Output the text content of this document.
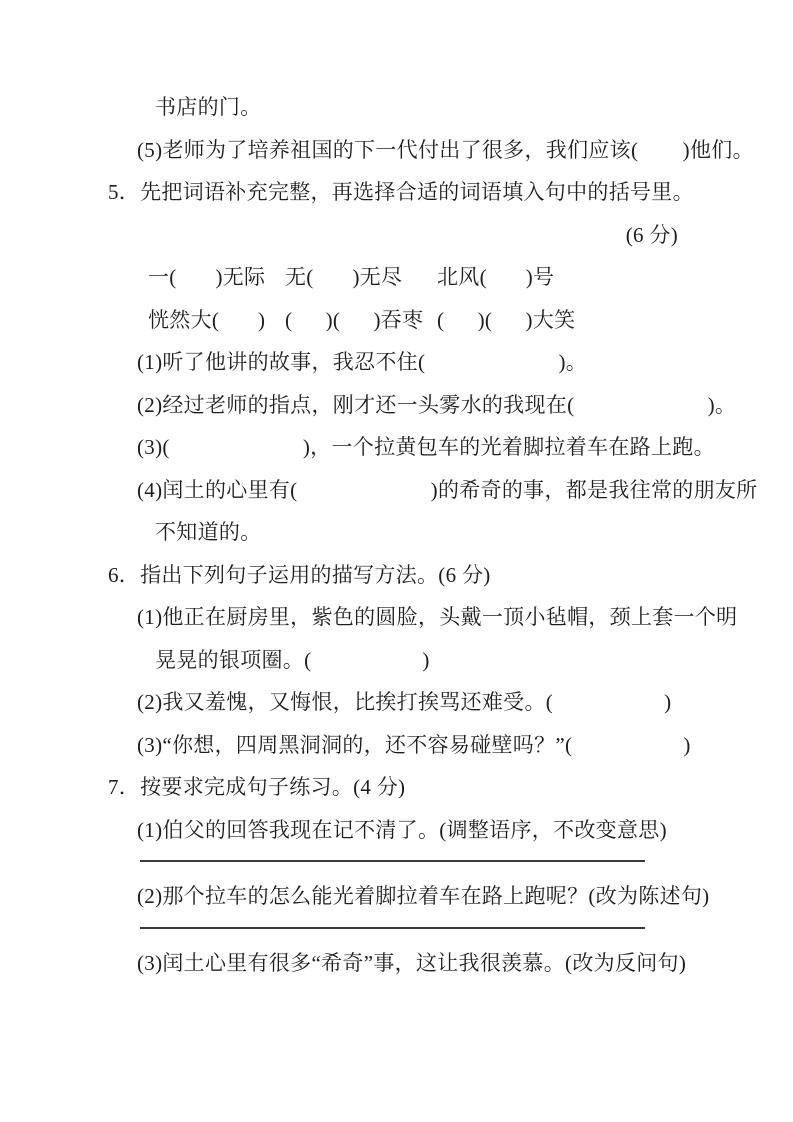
书店的门。
(5)老师为了培养祖国的下一代付出了很多，我们应该(        )他们。
5．先把词语补充完整，再选择合适的词语填入句中的括号里。
(6 分)
一(       )无际 无(       )无尽	北风(       )号
恍然大(       ) (      )(      )吞枣 (      )(      )大笑
(1)听了他讲的故事，我忍不住(                        )。
(2)经过老师的指点，刚才还一头雾水的我现在(                        )。
(3)(                        )，一个拉黄包车的光着脚拉着车在路上跑。
(4)闰土的心里有(                        )的希奇的事，都是我往常的朋友所
不知道的。
6．指出下列句子运用的描写方法。(6 分)
(1)他正在厨房里，紫色的圆脸，头戴一顶小毡帽，颈上套一个明
晃晃的银项圈。(                    )
(2)我又羞愧，又悔恨，比挨打挨骂还难受。(                    )
(3)“你想，四周黑洞洞的，还不容易碰壁吗？”(                    )
7．按要求完成句子练习。(4 分)
(1)伯父的回答我现在记不清了。(调整语序，不改变意思)
(2)那个拉车的怎么能光着脚拉着车在路上跑呢？(改为陈述句)
(3)闰土心里有很多“希奇”事，这让我很羡慕。(改为反问句)
